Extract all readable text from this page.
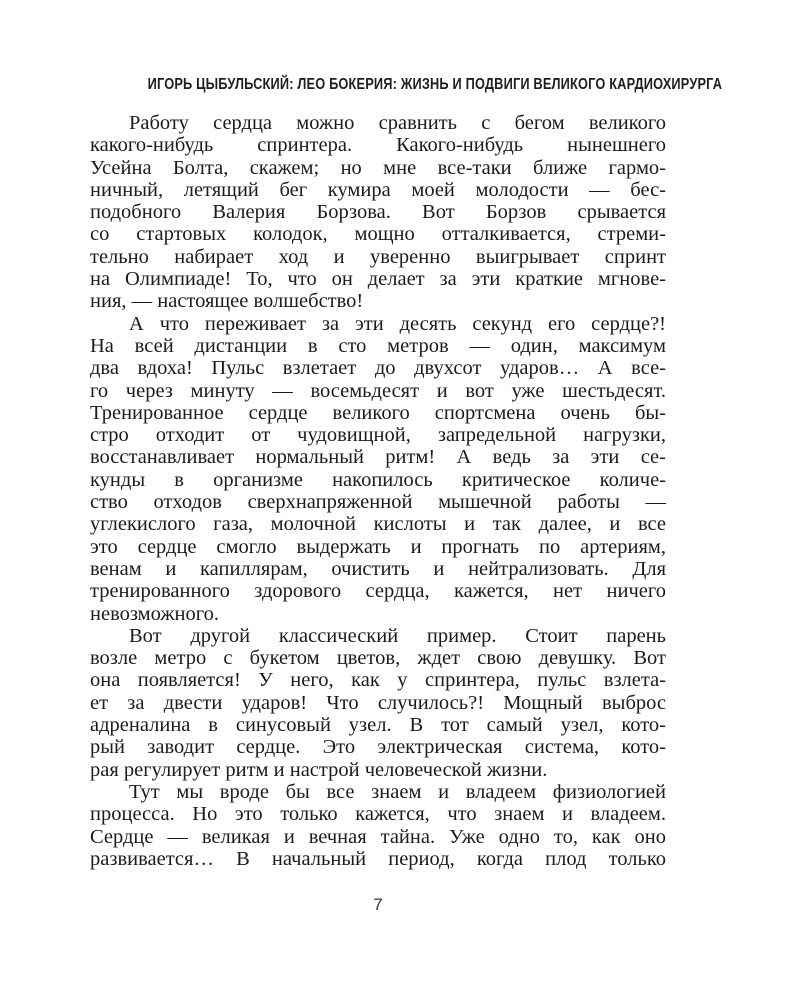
ИГОРЬ ЦЫБУЛЬСКИЙ: ЛЕО БОКЕРИЯ: ЖИЗНЬ И ПОДВИГИ ВЕЛИКОГО КАРДИОХИРУРГА
Работу сердца можно сравнить с бегом великого
какого-нибудь спринтера. Какого-нибудь нынешнего
Усейна Болта, скажем; но мне все-таки ближе гармо-
ничный, летящий бег кумира моей молодости — бес-
подобного Валерия Борзова. Вот Борзов срывается
со стартовых колодок, мощно отталкивается, стреми-
тельно набирает ход и уверенно выигрывает спринт
на Олимпиаде! То, что он делает за эти краткие мгнове-
ния, — настоящее волшебство!
А что переживает за эти десять секунд его сердце?!
На всей дистанции в сто метров — один, максимум
два вдоха! Пульс взлетает до двухсот ударов… А все-
го через минуту — восемьдесят и вот уже шестьдесят.
Тренированное сердце великого спортсмена очень бы-
стро отходит от чудовищной, запредельной нагрузки,
восстанавливает нормальный ритм! А ведь за эти се-
кунды в организме накопилось критическое количе-
ство отходов сверхнапряженной мышечной работы —
углекислого газа, молочной кислоты и так далее, и все
это сердце смогло выдержать и прогнать по артериям,
венам и капиллярам, очистить и нейтрализовать. Для
тренированного здорового сердца, кажется, нет ничего
невозможного.
Вот другой классический пример. Стоит парень
возле метро с букетом цветов, ждет свою девушку. Вот
она появляется! У него, как у спринтера, пульс взлета-
ет за двести ударов! Что случилось?! Мощный выброс
адреналина в синусовый узел. В тот самый узел, кото-
рый заводит сердце. Это электрическая система, кото-
рая регулирует ритм и настрой человеческой жизни.
Тут мы вроде бы все знаем и владеем физиологией
процесса. Но это только кажется, что знаем и владеем.
Сердце — великая и вечная тайна. Уже одно то, как оно
развивается… В начальный период, когда плод только
7
